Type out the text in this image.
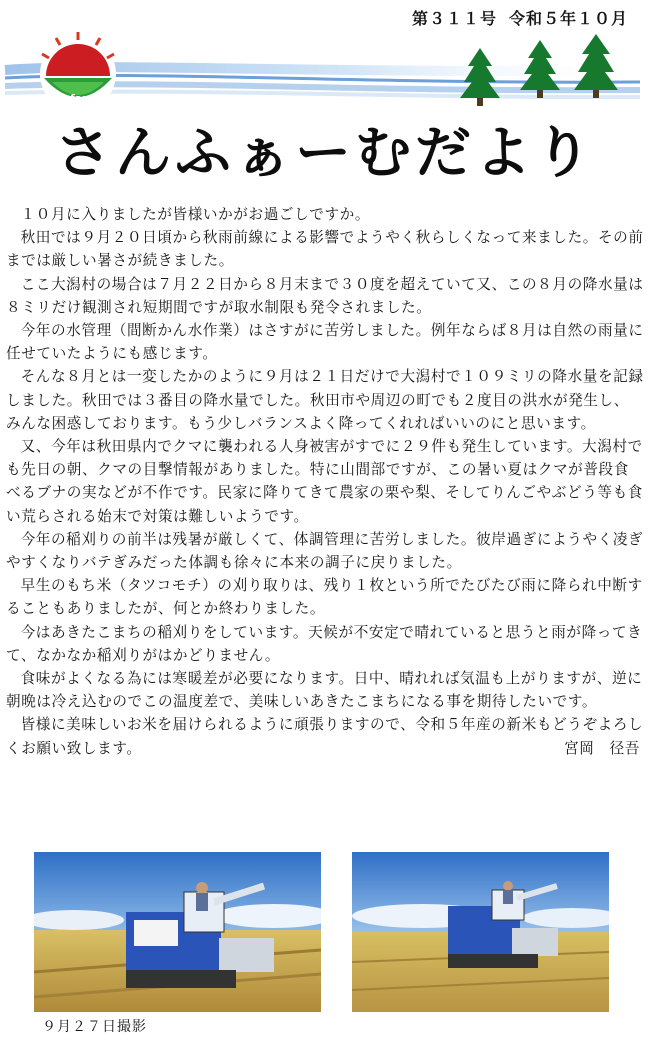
第３１１号 令和５年１０月
Sun farm
さんふぁーむだより

１０月に入りましたが皆様いかがお過ごしですか。

秋田では９月２０日頃から秋雨前線による影響でようやく秋らしくなって来ました。その前までは厳しい暑さが続きました。

ここ大潟村の場合は７月２２日から８月末まで３０度を超えていて又、この８月の降水量は８ミリだけ観測され短期間ですが取水制限も発令されました。

今年の水管理（間断かん水作業）はさすがに苦労しました。例年ならば８月は自然の雨量に任せていたようにも感じます。

そんな８月とは一変したかのように９月は２１日だけで大潟村で１０９ミリの降水量を記録しました。秋田では３番目の降水量でした。秋田市や周辺の町でも２度目の洪水が発生し、みんな困惑しております。もう少しバランスよく降ってくれればいいのにと思います。

又、今年は秋田県内でクマに襲われる人身被害がすでに２９件も発生しています。大潟村でも先日の朝、クマの目撃情報がありました。特に山間部ですが、この暑い夏はクマが普段食べるブナの実などが不作です。民家に降りてきて農家の栗や梨、そしてりんごやぶどう等も食い荒らされる始末で対策は難しいようです。

今年の稲刈りの前半は残暑が厳しくて、体調管理に苦労しました。彼岸過ぎにようやく凌ぎやすくなりバテぎみだった体調も徐々に本来の調子に戻りました。

早生のもち米（タツコモチ）の刈り取りは、残り１枚という所でたびたび雨に降られ中断することもありましたが、何とか終わりました。

今はあきたこまちの稲刈りをしています。天候が不安定で晴れていると思うと雨が降ってきて、なかなか稲刈りがはかどりません。

食味がよくなる為には寒暖差が必要になります。日中、晴れれば気温も上がりますが、逆に朝晩は冷え込むのでこの温度差で、美味しいあきたこまちになる事を期待したいです。

皆様に美味しいお米を届けられるように頑張りますので、令和５年産の新米もどうぞよろしくお願い致します。	宮岡　径吾

９月２７日撮影
